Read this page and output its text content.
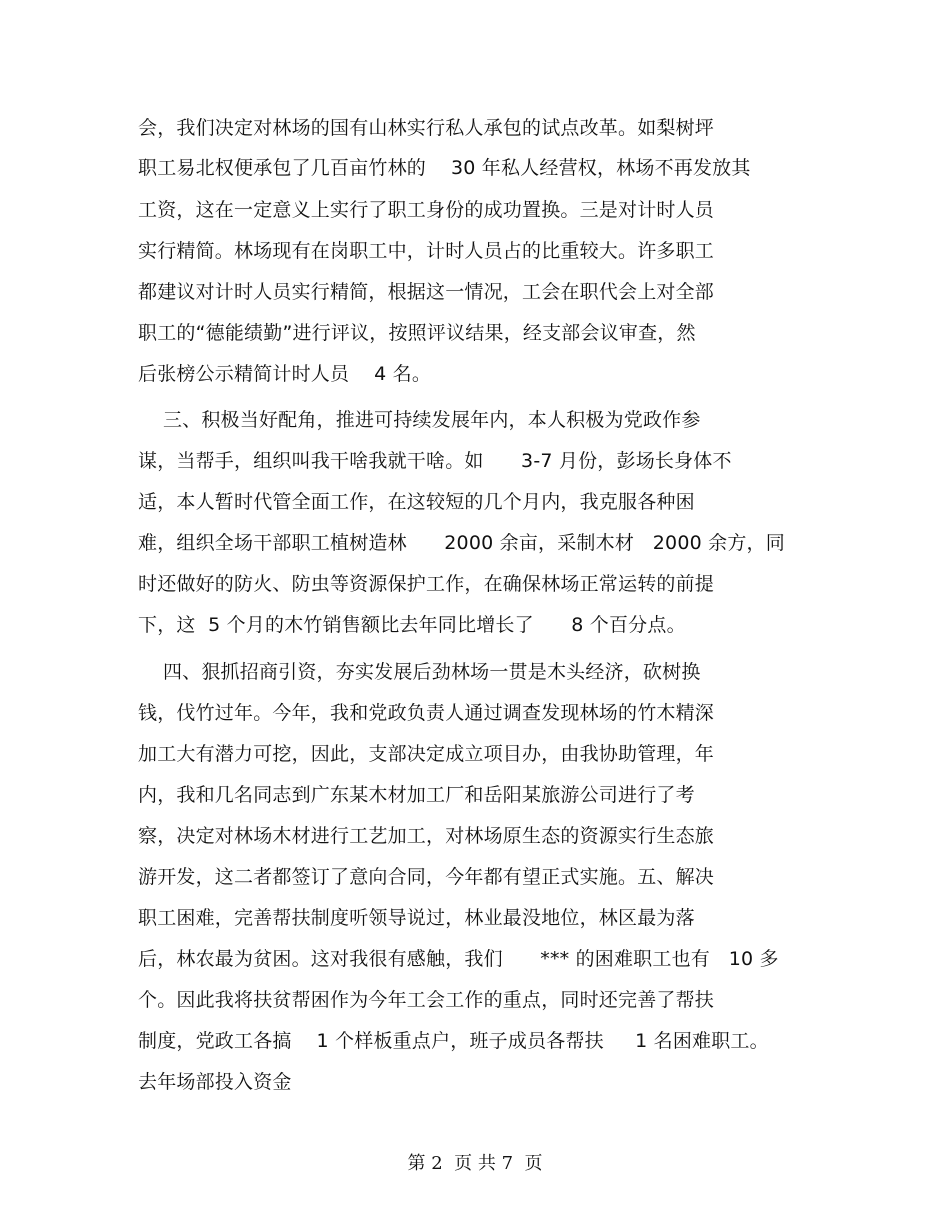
会，我们决定对林场的国有山林实行私人承包的试点改革。如梨树坪
职工易北权便承包了几百亩竹林的    30 年私人经营权，林场不再发放其
工资，这在一定意义上实行了职工身份的成功置换。三是对计时人员
实行精简。林场现有在岗职工中，计时人员占的比重较大。许多职工
都建议对计时人员实行精简，根据这一情况，工会在职代会上对全部
职工的“德能绩勤”进行评议，按照评议结果，经支部会议审查，然
后张榜公示精简计时人员    4 名。
三、积极当好配角，推进可持续发展年内，本人积极为党政作参
谋，当帮手，组织叫我干啥我就干啥。如      3-7 月份，彭场长身体不
适，本人暂时代管全面工作，在这较短的几个月内，我克服各种困
难，组织全场干部职工植树造林      2000 余亩，采制木材   2000 余方，同
时还做好的防火、防虫等资源保护工作，在确保林场正常运转的前提
下，这  5 个月的木竹销售额比去年同比增长了      8 个百分点。
四、狠抓招商引资，夯实发展后劲林场一贯是木头经济，砍树换
钱，伐竹过年。今年，我和党政负责人通过调查发现林场的竹木精深
加工大有潜力可挖，因此，支部决定成立项目办，由我协助管理，年
内，我和几名同志到广东某木材加工厂和岳阳某旅游公司进行了考
察，决定对林场木材进行工艺加工，对林场原生态的资源实行生态旅
游开发，这二者都签订了意向合同，今年都有望正式实施。五、解决
职工困难，完善帮扶制度听领导说过，林业最没地位，林区最为落
后，林农最为贫困。这对我很有感触，我们      *** 的困难职工也有   10 多
个。因此我将扶贫帮困作为今年工会工作的重点，同时还完善了帮扶
制度，党政工各搞    1 个样板重点户，班子成员各帮扶     1 名困难职工。
去年场部投入资金
第 2  页 共 7  页
